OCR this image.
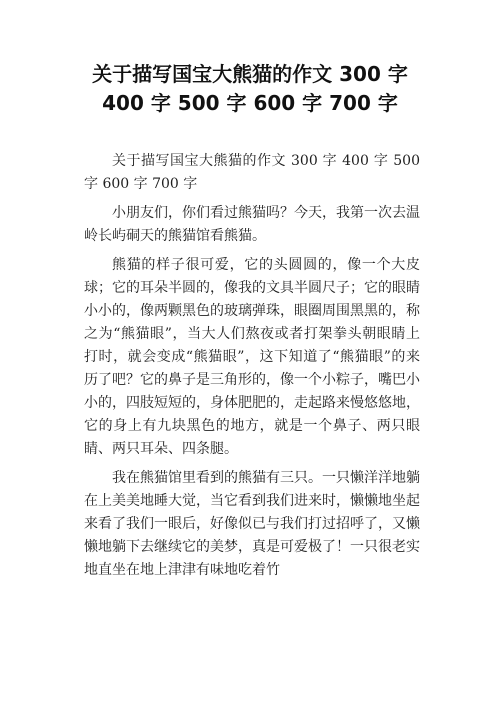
关于描写国宝大熊猫的作文 300 字
400 字 500 字 600 字 700 字

关于描写国宝大熊猫的作文 300 字 400 字 500 字 600 字 700 字

小朋友们，你们看过熊猫吗？今天，我第一次去温岭长屿硐天的熊猫馆看熊猫。

熊猫的样子很可爱，它的头圆圆的，像一个大皮球；它的耳朵半圆的，像我的文具半圆尺子；它的眼睛小小的，像两颗黑色的玻璃弹珠，眼圈周围黑黑的，称之为“熊猫眼”，当大人们熬夜或者打架拳头朝眼睛上打时，就会变成“熊猫眼”，这下知道了“熊猫眼”的来历了吧？它的鼻子是三角形的，像一个小粽子，嘴巴小小的，四肢短短的，身体肥肥的，走起路来慢悠悠地，它的身上有九块黑色的地方，就是一个鼻子、两只眼睛、两只耳朵、四条腿。

我在熊猫馆里看到的熊猫有三只。一只懒洋洋地躺在上美美地睡大觉，当它看到我们进来时，懒懒地坐起来看了我们一眼后，好像似已与我们打过招呼了，又懒懒地躺下去继续它的美梦，真是可爱极了！一只很老实地直坐在地上津津有味地吃着竹
